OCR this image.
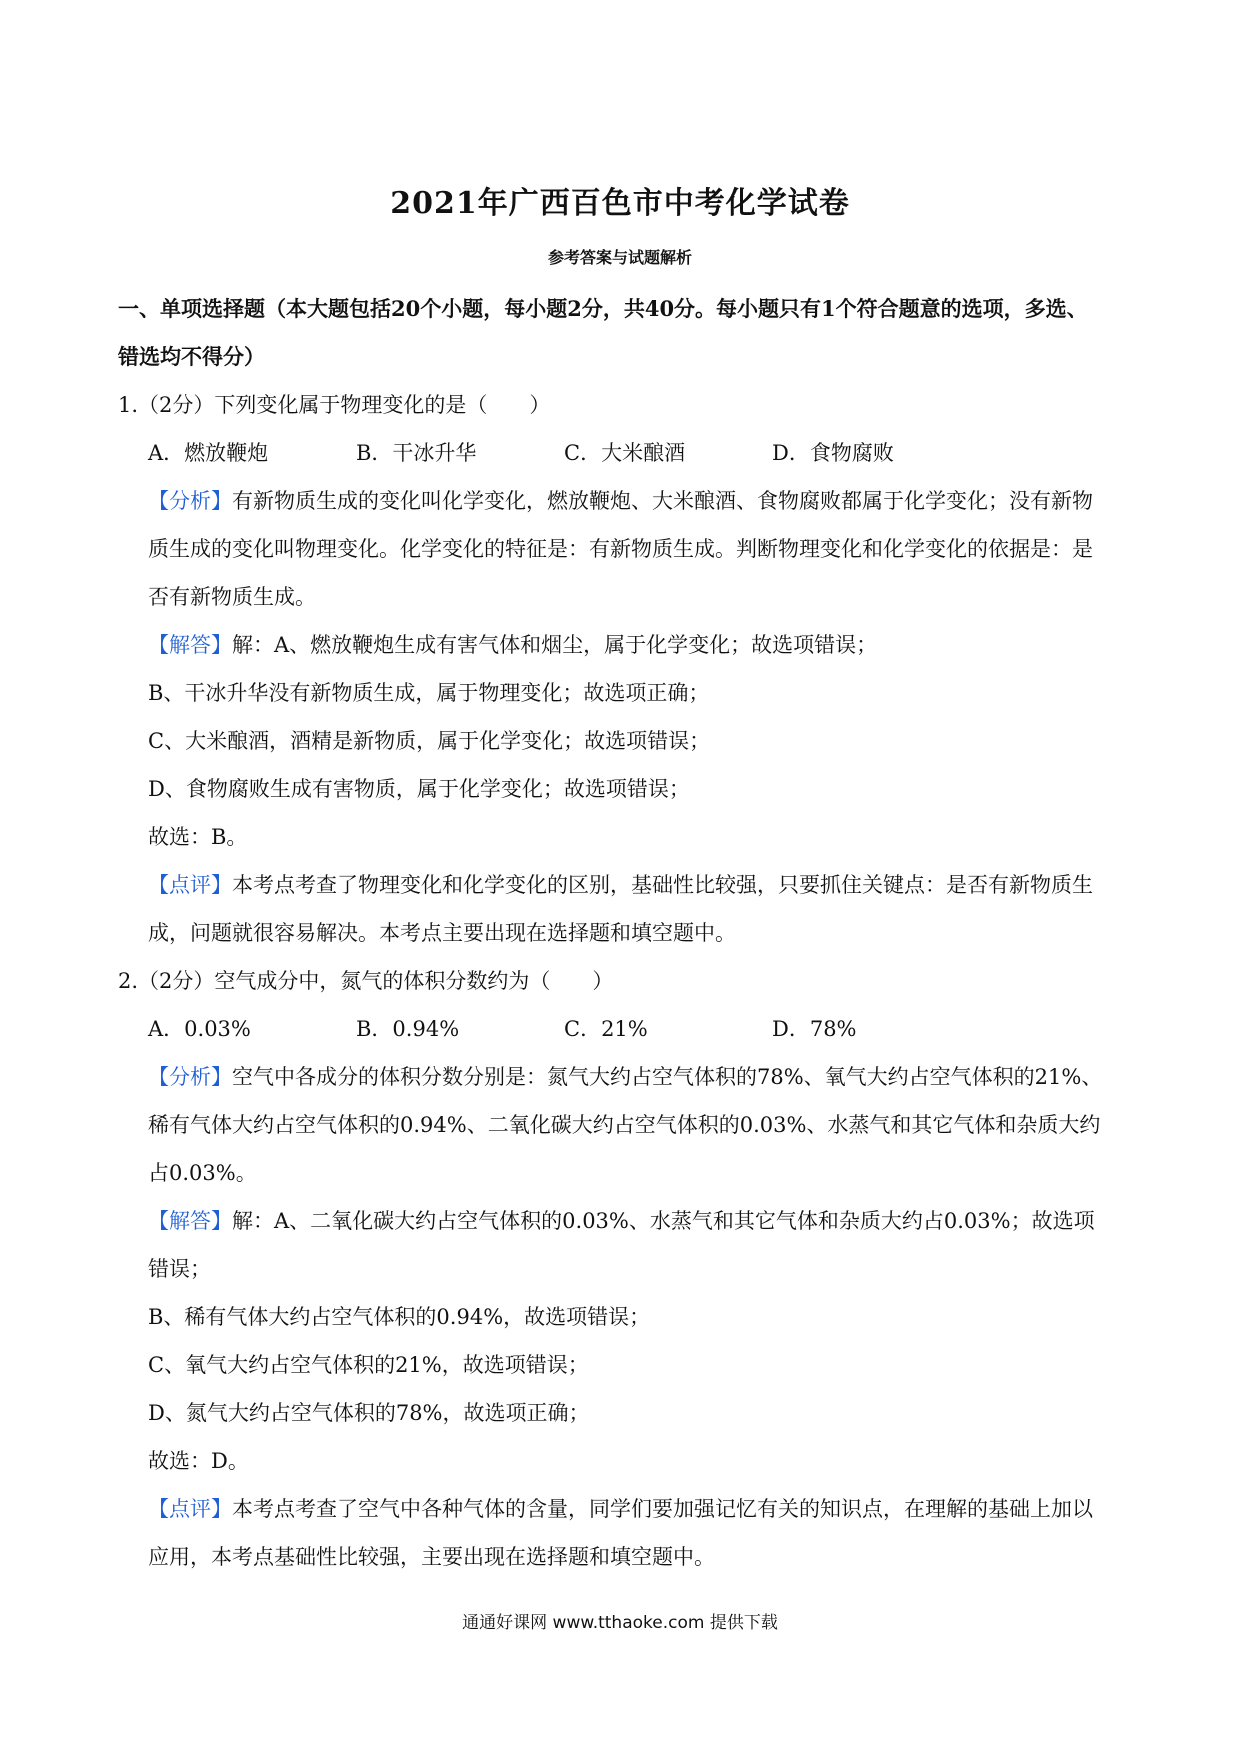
2021年广西百色市中考化学试卷
参考答案与试题解析
一、单项选择题（本大题包括20个小题，每小题2分，共40分。每小题只有1个符合题意的选项，多选、
错选均不得分）
1.（2分）下列变化属于物理变化的是（　　）
A．燃放鞭炮	B．干冰升华	C．大米酿酒	D．食物腐败
【分析】有新物质生成的变化叫化学变化，燃放鞭炮、大米酿酒、食物腐败都属于化学变化；没有新物
质生成的变化叫物理变化。化学变化的特征是：有新物质生成。判断物理变化和化学变化的依据是：是
否有新物质生成。
【解答】解：A、燃放鞭炮生成有害气体和烟尘，属于化学变化；故选项错误；
B、干冰升华没有新物质生成，属于物理变化；故选项正确；
C、大米酿酒，酒精是新物质，属于化学变化；故选项错误；
D、食物腐败生成有害物质，属于化学变化；故选项错误；
故选：B。
【点评】本考点考查了物理变化和化学变化的区别，基础性比较强，只要抓住关键点：是否有新物质生
成，问题就很容易解决。本考点主要出现在选择题和填空题中。
2.（2分）空气成分中，氮气的体积分数约为（　　）
A．0.03%	B．0.94%	C．21%	D．78%
【分析】空气中各成分的体积分数分别是：氮气大约占空气体积的78%、氧气大约占空气体积的21%、
稀有气体大约占空气体积的0.94%、二氧化碳大约占空气体积的0.03%、水蒸气和其它气体和杂质大约
占0.03%。
【解答】解：A、二氧化碳大约占空气体积的0.03%、水蒸气和其它气体和杂质大约占0.03%；故选项
错误；
B、稀有气体大约占空气体积的0.94%，故选项错误；
C、氧气大约占空气体积的21%，故选项错误；
D、氮气大约占空气体积的78%，故选项正确；
故选：D。
【点评】本考点考查了空气中各种气体的含量，同学们要加强记忆有关的知识点，在理解的基础上加以
应用，本考点基础性比较强，主要出现在选择题和填空题中。
通通好课网 www.tthaoke.com 提供下载
